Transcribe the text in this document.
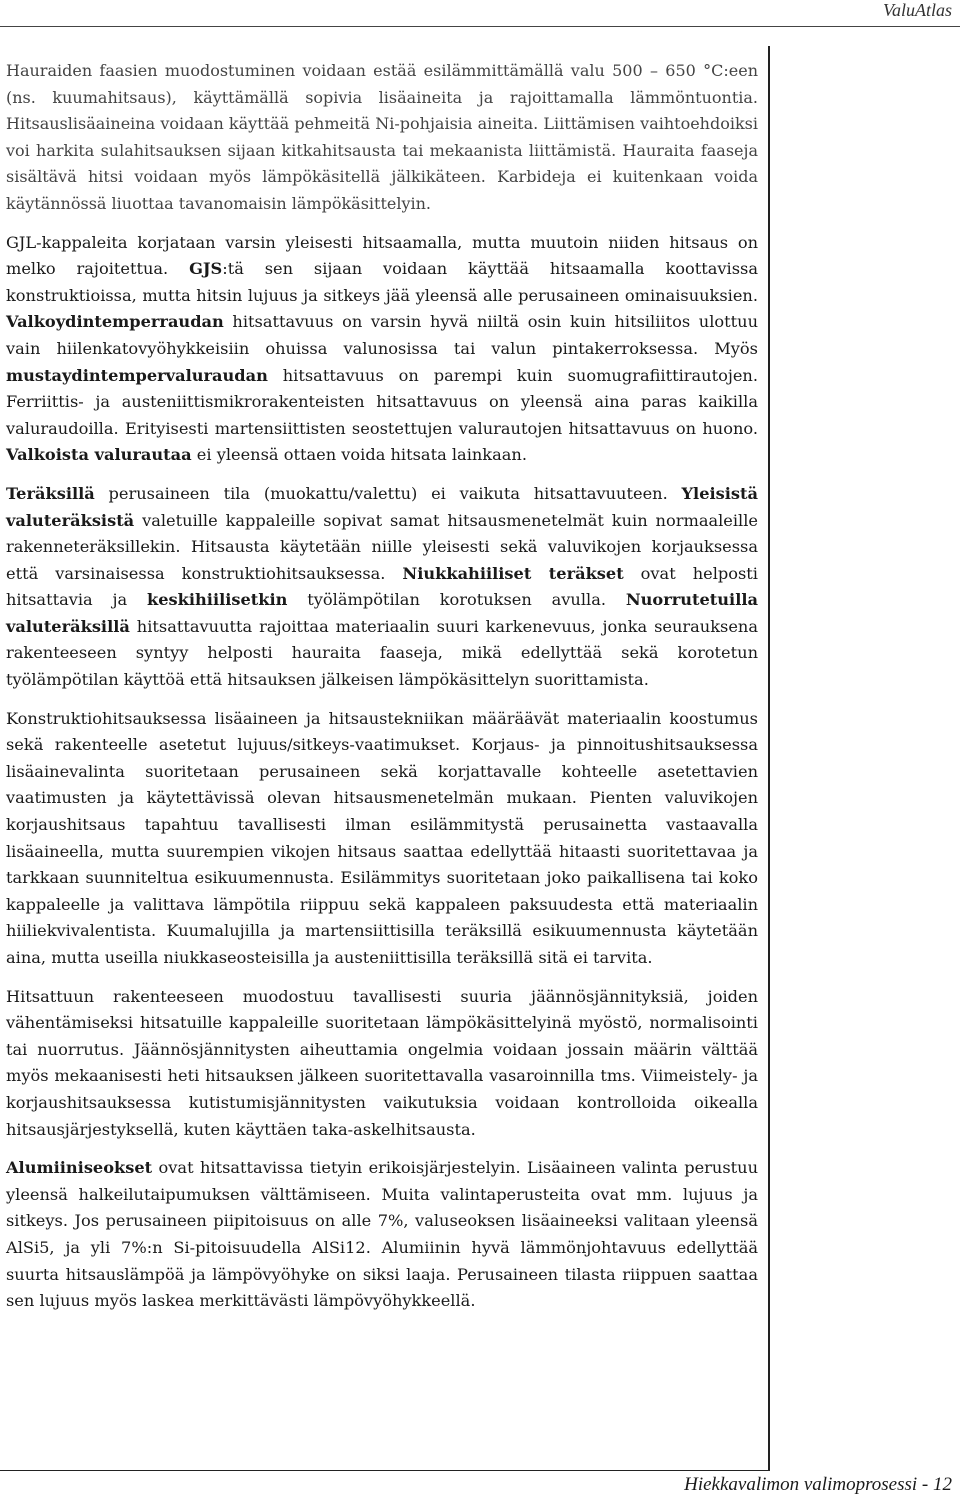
ValuAtlas

Hauraiden faasien muodostuminen voidaan estää esilämmittämällä valu 500 – 650 °C:een (ns. kuumahitsaus), käyttämällä sopivia lisäaineita ja rajoittamalla lämmöntuontia. Hitsauslisäaineina voidaan käyttää pehmeitä Ni-pohjaisia aineita. Liittämisen vaihtoehdoiksi voi harkita sulahitsauksen sijaan kitkahitsausta tai mekaanista liittämistä. Hauraita faaseja sisältävä hitsi voidaan myös lämpökäsitellä jälkikäteen. Karbideja ei kuitenkaan voida käytännössä liuottaa tavanomaisin lämpökäsittelyin.

GJL-kappaleita korjataan varsin yleisesti hitsaamalla, mutta muutoin niiden hitsaus on melko rajoitettua. GJS:tä sen sijaan voidaan käyttää hitsaamalla koottavissa konstruktioissa, mutta hitsin lujuus ja sitkeys jää yleensä alle perusaineen ominaisuuksien. Valkoydintemperraudan hitsattavuus on varsin hyvä niiltä osin kuin hitsiliitos ulottuu vain hiilenkatovyöhykkeisiin ohuissa valunosissa tai valun pintakerroksessa. Myös mustaydintempervaluraudan hitsattavuus on parempi kuin suomugrafiittirautojen. Ferriittis- ja austeniittismikrorakenteisten hitsattavuus on yleensä aina paras kaikilla valuraudoilla. Erityisesti martensiittisten seostettujen valurautojen hitsattavuus on huono. Valkoista valurautaa ei yleensä ottaen voida hitsata lainkaan.

Teräksillä perusaineen tila (muokattu/valettu) ei vaikuta hitsattavuuteen. Yleisistä valuteräksistä valetuille kappaleille sopivat samat hitsausmenetelmät kuin normaaleille rakenneteräksillekin. Hitsausta käytetään niille yleisesti sekä valuvikojen korjauksessa että varsinaisessa konstruktiohitsauksessa. Niukkahiiliset teräkset ovat helposti hitsattavia ja keskihiilisetkin työlämpötilan korotuksen avulla. Nuorrutetuilla valuteräksillä hitsattavuutta rajoittaa materiaalin suuri karkenevuus, jonka seurauksena rakenteeseen syntyy helposti hauraita faaseja, mikä edellyttää sekä korotetun työlämpötilan käyttöä että hitsauksen jälkeisen lämpökäsittelyn suorittamista.

Konstruktiohitsauksessa lisäaineen ja hitsaustekniikan määräävät materiaalin koostumus sekä rakenteelle asetetut lujuus/sitkeys-vaatimukset. Korjaus- ja pinnoitushitsauksessa lisäainevalinta suoritetaan perusaineen sekä korjattavalle kohteelle asetettavien vaatimusten ja käytettävissä olevan hitsausmenetelmän mukaan. Pienten valuvikojen korjaushitsaus tapahtuu tavallisesti ilman esilämmitystä perusainetta vastaavalla lisäaineella, mutta suurempien vikojen hitsaus saattaa edellyttää hitaasti suoritettavaa ja tarkkaan suunniteltua esikuumennusta. Esilämmitys suoritetaan joko paikallisena tai koko kappaleelle ja valittava lämpötila riippuu sekä kappaleen paksuudesta että materiaalin hiiliekvivalentista. Kuumalujilla ja martensiittisilla teräksillä esikuumennusta käytetään aina, mutta useilla niukkaseosteisilla ja austeniittisilla teräksillä sitä ei tarvita.

Hitsattuun rakenteeseen muodostuu tavallisesti suuria jäännösjännityksiä, joiden vähentämiseksi hitsatuille kappaleille suoritetaan lämpökäsittelyinä myöstö, normalisointi tai nuorrutus. Jäännösjännitysten aiheuttamia ongelmia voidaan jossain määrin välttää myös mekaanisesti heti hitsauksen jälkeen suoritettavalla vasaroinnilla tms. Viimeistely- ja korjaushitsauksessa kutistumisjännitysten vaikutuksia voidaan kontrolloida oikealla hitsausjärjestyksellä, kuten käyttäen taka-askelhitsausta.

Alumiiniseokset ovat hitsattavissa tietyin erikoisjärjestelyin. Lisäaineen valinta perustuu yleensä halkeilutaipumuksen välttämiseen. Muita valintaperusteita ovat mm. lujuus ja sitkeys. Jos perusaineen piipitoisuus on alle 7%, valuseoksen lisäaineeksi valitaan yleensä AlSi5, ja yli 7%:n Si-pitoisuudella AlSi12. Alumiinin hyvä lämmönjohtavuus edellyttää suurta hitsauslämpöä ja lämpövyöhyke on siksi laaja. Perusaineen tilasta riippuen saattaa sen lujuus myös laskea merkittävästi lämpövyöhykkeellä.

Hiekkavalimon valimoprosessi - 12
